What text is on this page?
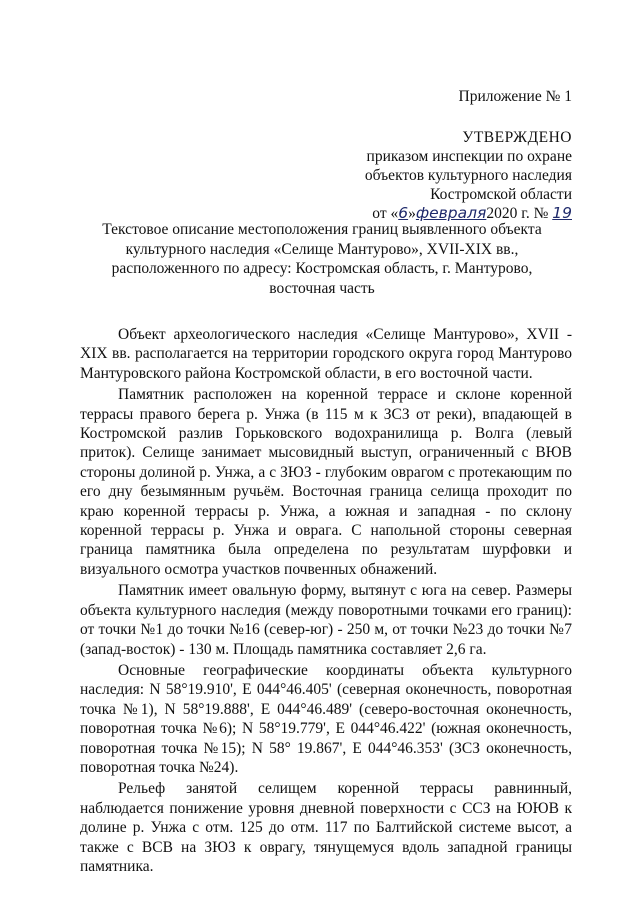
Приложение № 1
УТВЕРЖДЕНО
приказом инспекции по охране
объектов культурного наследия
Костромской области
от «6»февраля2020 г. № 19
Текстовое описание местоположения границ выявленного объекта
культурного наследия «Селище Мантурово», XVII-XIX вв.,
расположенного по адресу: Костромская область, г. Мантурово,
восточная часть

Объект археологического наследия «Селище Мантурово», XVII - XIX вв. располагается на территории городского округа город Мантурово Мантуровского района Костромской области, в его восточной части.

Памятник расположен на коренной террасе и склоне коренной террасы правого берега р. Унжа (в 115 м к ЗСЗ от реки), впадающей в Костромской разлив Горьковского водохранилища р. Волга (левый приток). Селище занимает мысовидный выступ, ограниченный с ВЮВ стороны долиной р. Унжа, а с ЗЮЗ - глубоким оврагом с протекающим по его дну безымянным ручьём. Восточная граница селища проходит по краю коренной террасы р. Унжа, а южная и западная - по склону коренной террасы р. Унжа и оврага. С напольной стороны северная граница памятника была определена по результатам шурфовки и визуального осмотра участков почвенных обнажений.

Памятник имеет овальную форму, вытянут с юга на север. Размеры объекта культурного наследия (между поворотными точками его границ): от точки №1 до точки №16 (север-юг) - 250 м, от точки №23 до точки №7 (запад-восток) - 130 м. Площадь памятника составляет 2,6 га.

Основные географические координаты объекта культурного наследия: N 58°19.910', E 044°46.405' (северная оконечность, поворотная точка №1), N 58°19.888', E 044°46.489' (северо-восточная оконечность, поворотная точка №6); N 58°19.779', E 044°46.422' (южная оконечность, поворотная точка №15); N 58° 19.867', E 044°46.353' (ЗСЗ оконечность, поворотная точка №24).

Рельеф занятой селищем коренной террасы равнинный, наблюдается понижение уровня дневной поверхности с ССЗ на ЮЮВ к долине р. Унжа с отм. 125 до отм. 117 по Балтийской системе высот, а также с ВСВ на ЗЮЗ к оврагу, тянущемуся вдоль западной границы памятника.
